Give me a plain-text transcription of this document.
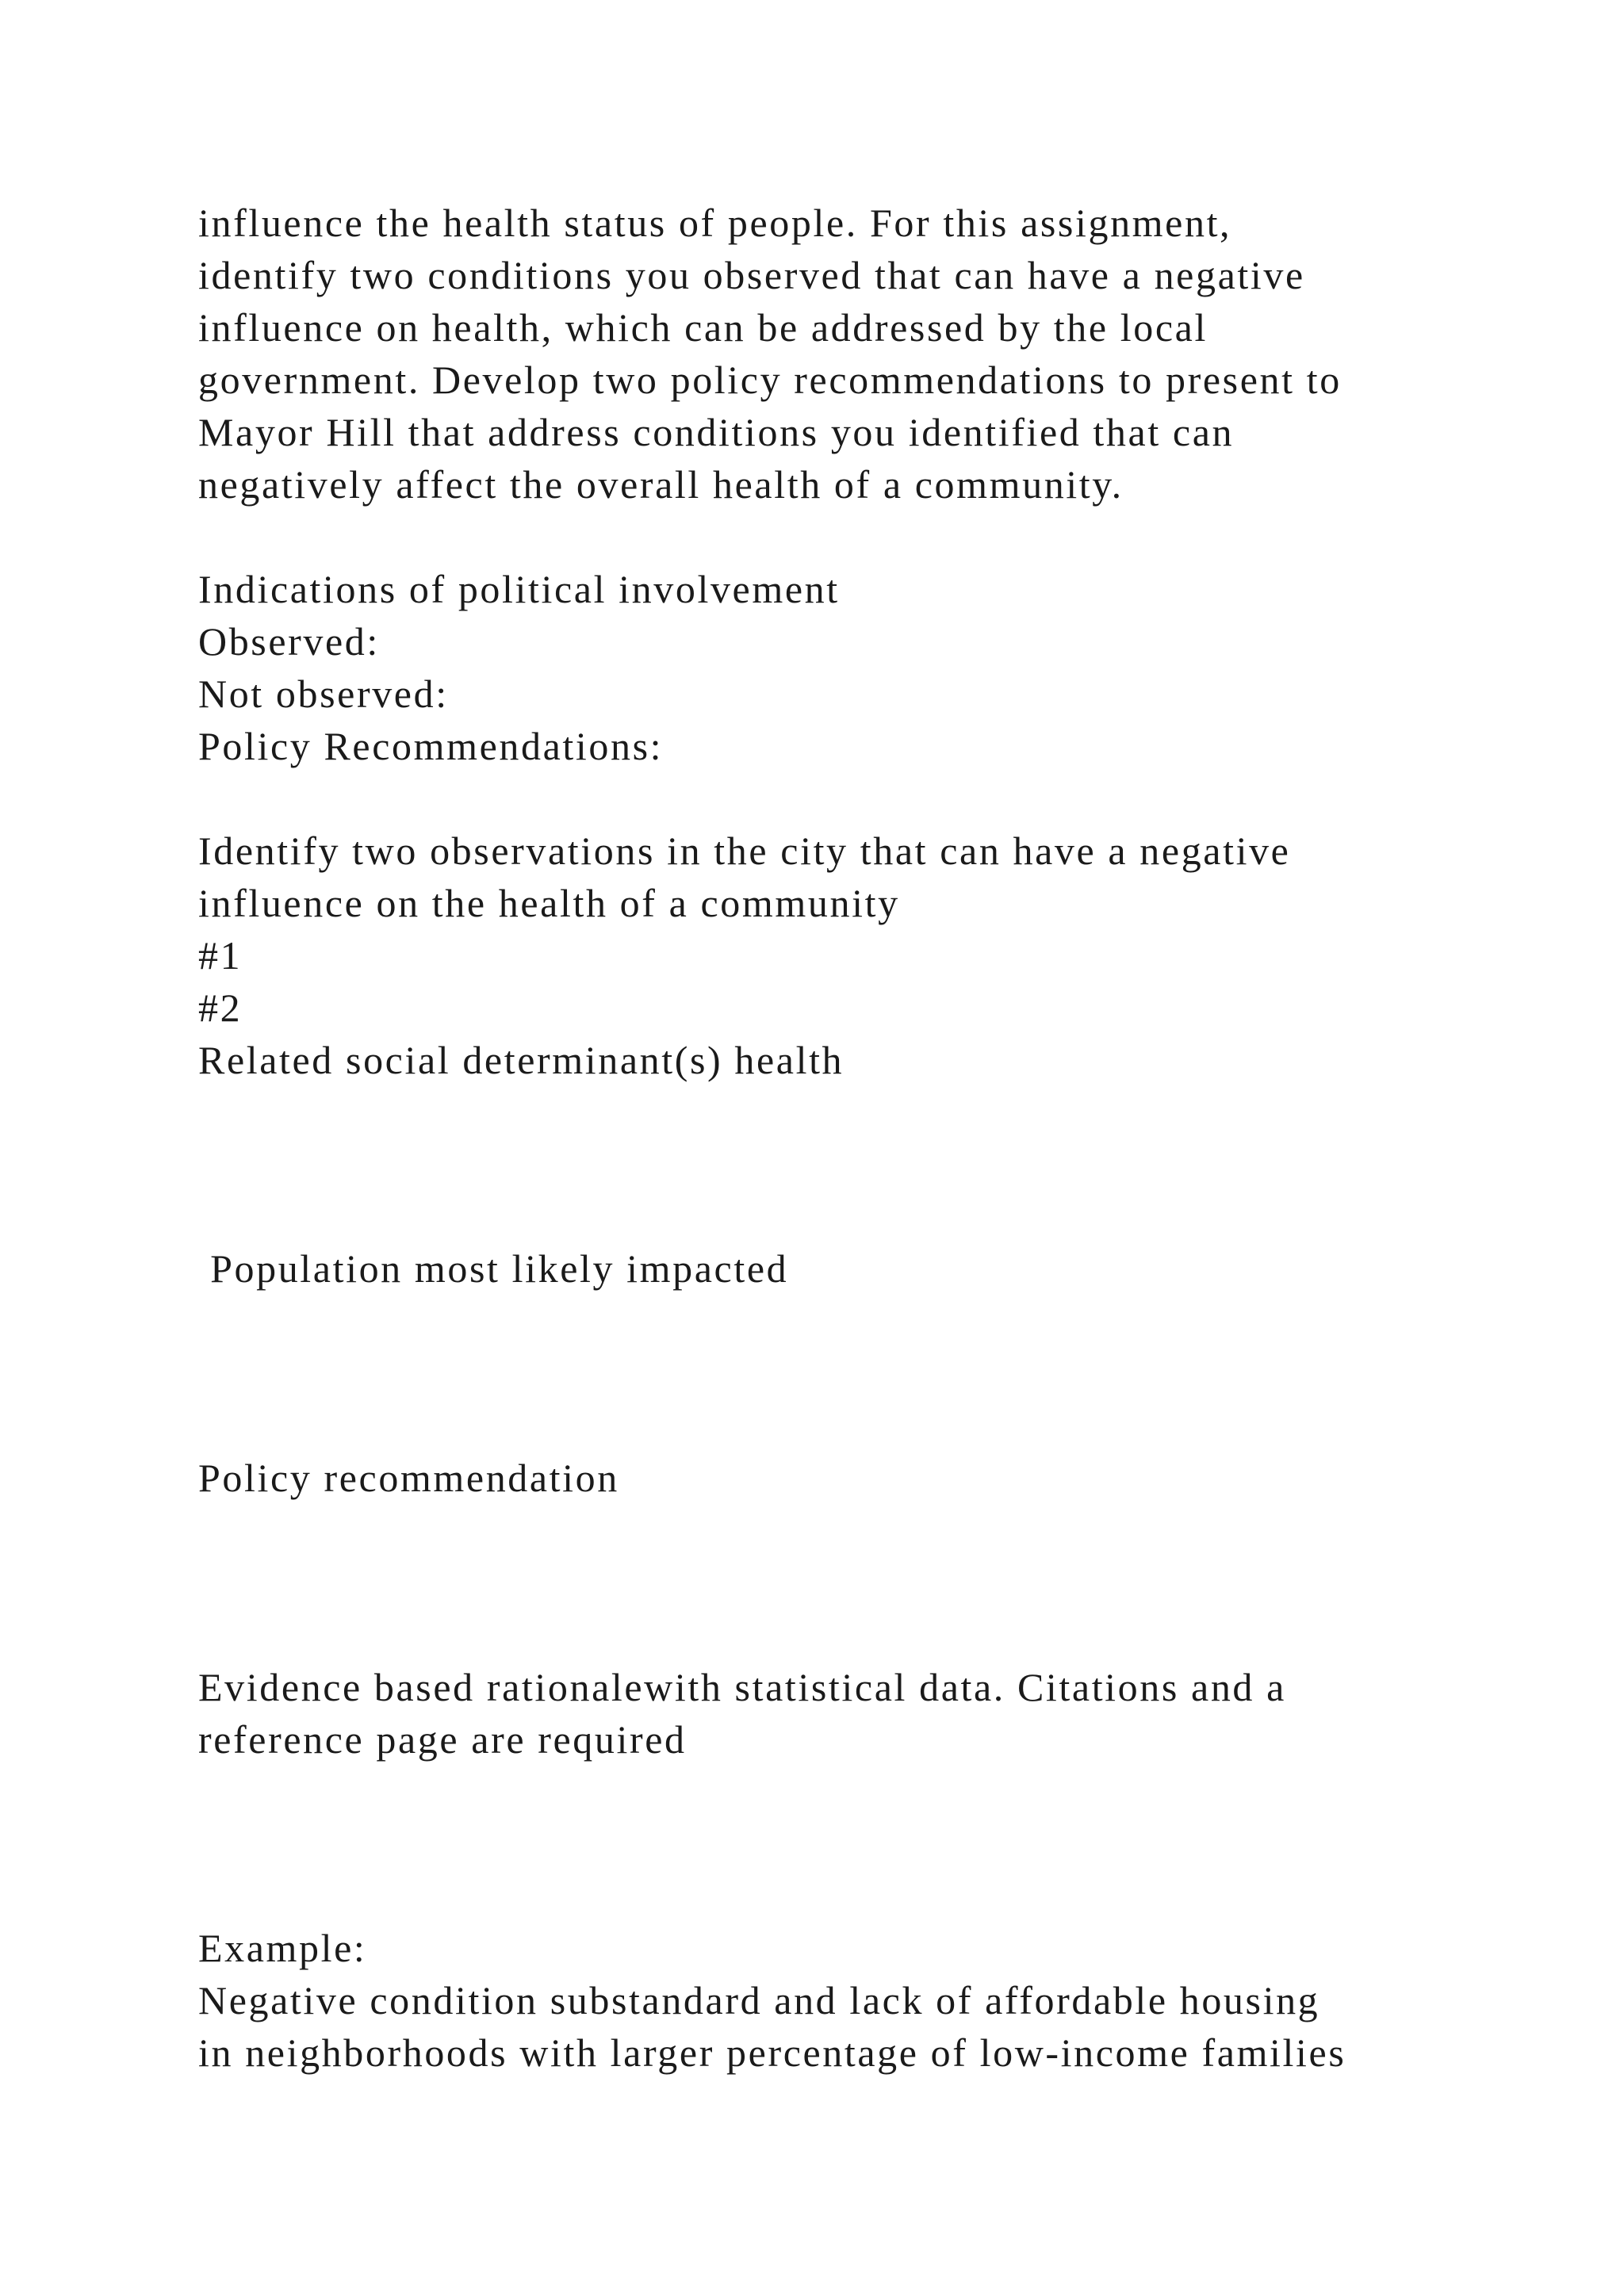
influence the health status of people. For this assignment,
identify two conditions you observed that can have a negative
influence on health, which can be addressed by the local
government. Develop two policy recommendations to present to
Mayor Hill that address conditions you identified that can
negatively affect the overall health of a community.
Indications of political involvement
Observed:
Not observed:
Policy Recommendations:
Identify two observations in the city that can have a negative
influence on the health of a community
#1
#2
Related social determinant(s) health
Population most likely impacted
Policy recommendation
Evidence based rationalewith statistical data. Citations and a
reference page are required
Example:
Negative condition substandard and lack of affordable housing
in neighborhoods with larger percentage of low-income families
